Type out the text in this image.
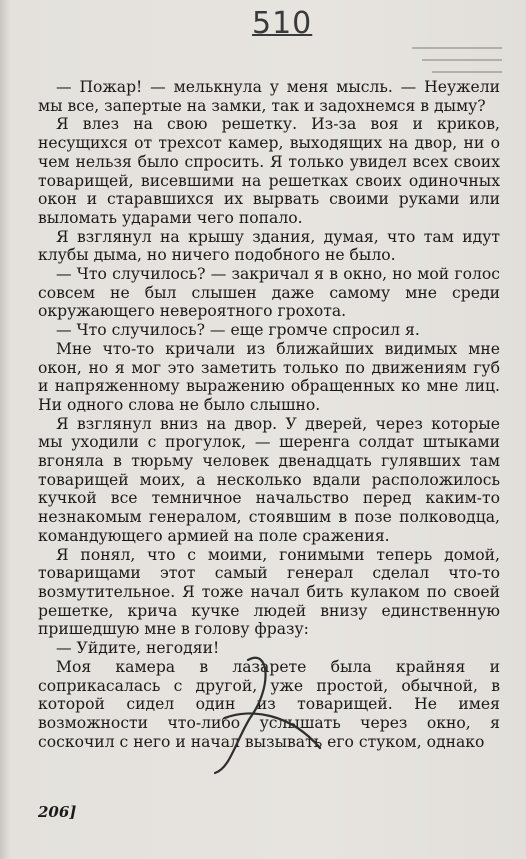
510

— Пожар! — мелькнула у меня мысль. — Неужели мы все, запертые на замки, так и задохнемся в дыму?

Я влез на свою решетку. Из-за воя и криков, несущихся от трехсот камер, выходящих на двор, ни о чем нельзя было спросить. Я только увидел всех своих товарищей, висевшими на решетках своих одиночных окон и старавшихся их вырвать своими руками или выломать ударами чего попало.

Я взглянул на крышу здания, думая, что там идут клубы дыма, но ничего подобного не было.

— Что случилось? — закричал я в окно, но мой голос совсем не был слышен даже самому мне среди окружающего невероятного грохота.

— Что случилось? — еще громче спросил я.

Мне что-то кричали из ближайших видимых мне окон, но я мог это заметить только по движениям губ и напряженному выражению обращенных ко мне лиц. Ни одного слова не было слышно.

Я взглянул вниз на двор. У дверей, через которые мы уходили с прогулок, — шеренга солдат штыками вгоняла в тюрьму человек двенадцать гулявших там товарищей моих, а несколько вдали расположилось кучкой все темничное начальство перед каким-то незнакомым генералом, стоявшим в позе полководца, командующего армией на поле сражения.

Я понял, что с моими, гонимыми теперь домой, товарищами этот самый генерал сделал что-то возмутительное. Я тоже начал бить кулаком по своей решетке, крича кучке людей внизу единственную пришедшую мне в голову фразу:

— Уйдите, негодяи!

Моя камера в лазарете была крайняя и соприкасалась с другой, уже простой, обычной, в которой сидел один из товарищей. Не имея возможности что-либо услышать через окно, я соскочил с него и начал вызывать его стуком, однако

206]
